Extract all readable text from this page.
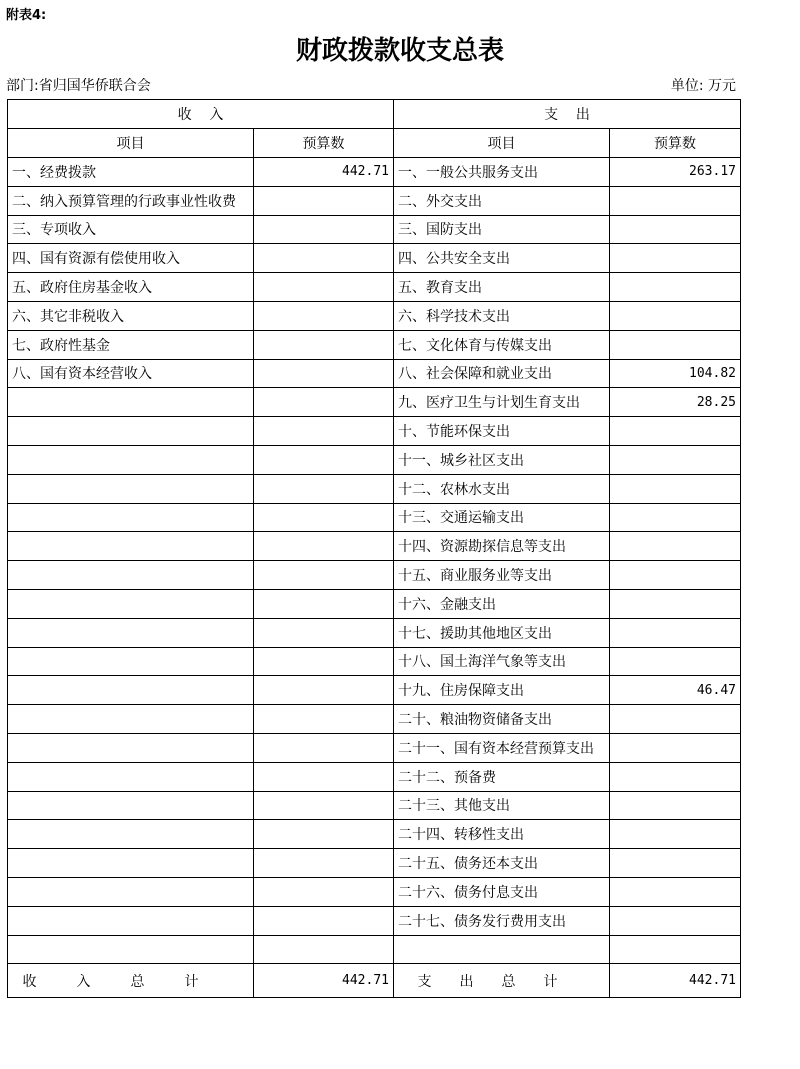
附表4:
财政拨款收支总表
部门:省归国华侨联合会	单位: 万元
收    入		支    出	
项目	预算数	项目	预算数
一、经费拨款	442.71	一、一般公共服务支出	263.17
二、纳入预算管理的行政事业性收费		二、外交支出	
三、专项收入		三、国防支出	
四、国有资源有偿使用收入		四、公共安全支出	
五、政府住房基金收入		五、教育支出	
六、其它非税收入		六、科学技术支出	
七、政府性基金		七、文化体育与传媒支出	
八、国有资本经营收入		八、社会保障和就业支出	104.82
		九、医疗卫生与计划生育支出	28.25
		十、节能环保支出	
		十一、城乡社区支出	
		十二、农林水支出	
		十三、交通运输支出	
		十四、资源勘探信息等支出	
		十五、商业服务业等支出	
		十六、金融支出	
		十七、援助其他地区支出	
		十八、国土海洋气象等支出	
		十九、住房保障支出	46.47
		二十、粮油物资储备支出	
		二十一、国有资本经营预算支出	
		二十二、预备费	
		二十三、其他支出	
		二十四、转移性支出	
		二十五、债务还本支出	
		二十六、债务付息支出	
		二十七、债务发行费用支出	

收入总计	442.71	支出总计	442.71
